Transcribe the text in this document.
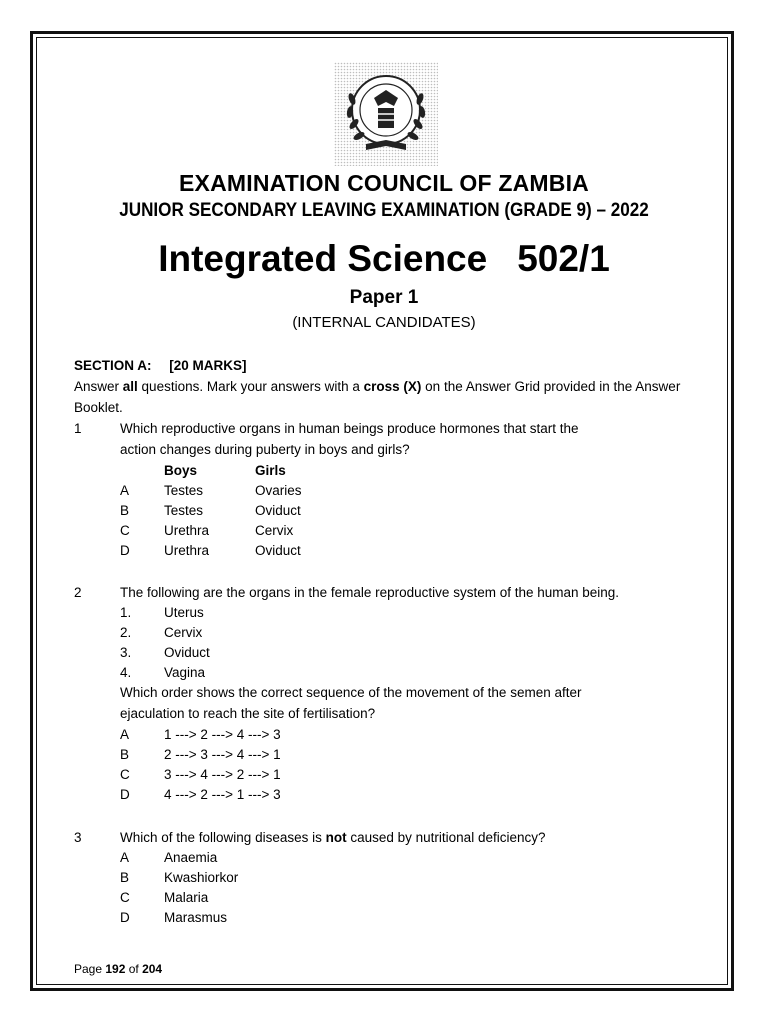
EXAMINATION COUNCIL OF ZAMBIA
JUNIOR SECONDARY LEAVING EXAMINATION (GRADE 9) – 2022
Integrated Science 502/1
Paper 1
(INTERNAL CANDIDATES)
SECTION A: [20 MARKS]
Answer all questions. Mark your answers with a cross (X) on the Answer Grid provided in the Answer
Booklet.
1	Which reproductive organs in human beings produce hormones that start the
action changes during puberty in boys and girls?
Boys	Girls
A	Testes	Ovaries
B	Testes	Oviduct
C	Urethra	Cervix
D	Urethra	Oviduct
2	The following are the organs in the female reproductive system of the human being.
1. Uterus
2. Cervix
3. Oviduct
4. Vagina
Which order shows the correct sequence of the movement of the semen after
ejaculation to reach the site of fertilisation?
A	1 ---> 2 ---> 4 ---> 3
B	2 ---> 3 ---> 4 ---> 1
C	3 ---> 4 ---> 2 ---> 1
D	4 ---> 2 ---> 1 ---> 3
3	Which of the following diseases is not caused by nutritional deficiency?
A	Anaemia
B	Kwashiorkor
C	Malaria
D	Marasmus
Page 192 of 204
